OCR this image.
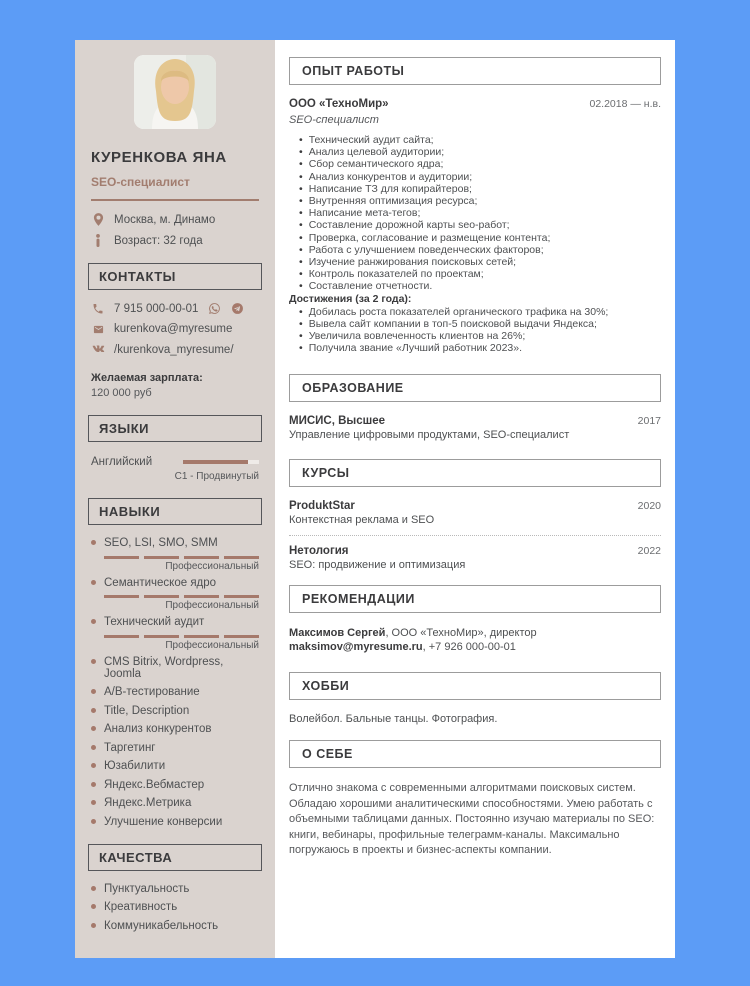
КУРЕНКОВА ЯНА
SEO-специалист
Москва, м. Динамо
Возраст: 32 года
КОНТАКТЫ
7 915 000-00-01
kurenkova@myresume
/kurenkova_myresume/
Желаемая зарплата:
120 000 руб
ЯЗЫКИ
Английский
C1 - Продвинутый
НАВЫКИ
SEO, LSI, SMO, SMM
Профессиональный
Семантическое ядро
Профессиональный
Технический аудит
Профессиональный
CMS Bitrix, Wordpress, Joomla
А/В-тестирование
Title, Description
Анализ конкурентов
Таргетинг
Юзабилити
Яндекс.Вебмастер
Яндекс.Метрика
Улучшение конверсии
КАЧЕСТВА
Пунктуальность
Креативность
Коммуникабельность
ОПЫТ РАБОТЫ
ООО «ТехноМир»	02.2018 — н.в.
SEO-специалист
• Технический аудит сайта;
• Анализ целевой аудитории;
• Сбор семантического ядра;
• Анализ конкурентов и аудитории;
• Написание ТЗ для копирайтеров;
• Внутренняя оптимизация ресурса;
• Написание мета-тегов;
• Составление дорожной карты seo-работ;
• Проверка, согласование и размещение контента;
• Работа с улучшением поведенческих факторов;
• Изучение ранжирования поисковых сетей;
• Контроль показателей по проектам;
• Составление отчетности.
Достижения (за 2 года):
• Добилась роста показателей органического трафика на 30%;
• Вывела сайт компании в топ-5 поисковой выдачи Яндекса;
• Увеличила вовлеченность клиентов на 26%;
• Получила звание «Лучший работник 2023».
ОБРАЗОВАНИЕ
МИСИС, Высшее	2017
Управление цифровыми продуктами, SEO-специалист
КУРСЫ
ProduktStar	2020
Контекстная реклама и SEO
Нетология	2022
SEO: продвижение и оптимизация
РЕКОМЕНДАЦИИ
Максимов Сергей, ООО «ТехноМир», директор
maksimov@myresume.ru, +7 926 000-00-01
ХОББИ
Волейбол. Бальные танцы. Фотография.
О СЕБЕ
Отлично знакома с современными алгоритмами поисковых систем. Обладаю хорошими аналитическими способностями. Умею работать с объемными таблицами данных. Постоянно изучаю материалы по SEO: книги, вебинары, профильные телеграмм-каналы. Максимально погружаюсь в проекты и бизнес-аспекты компании.
